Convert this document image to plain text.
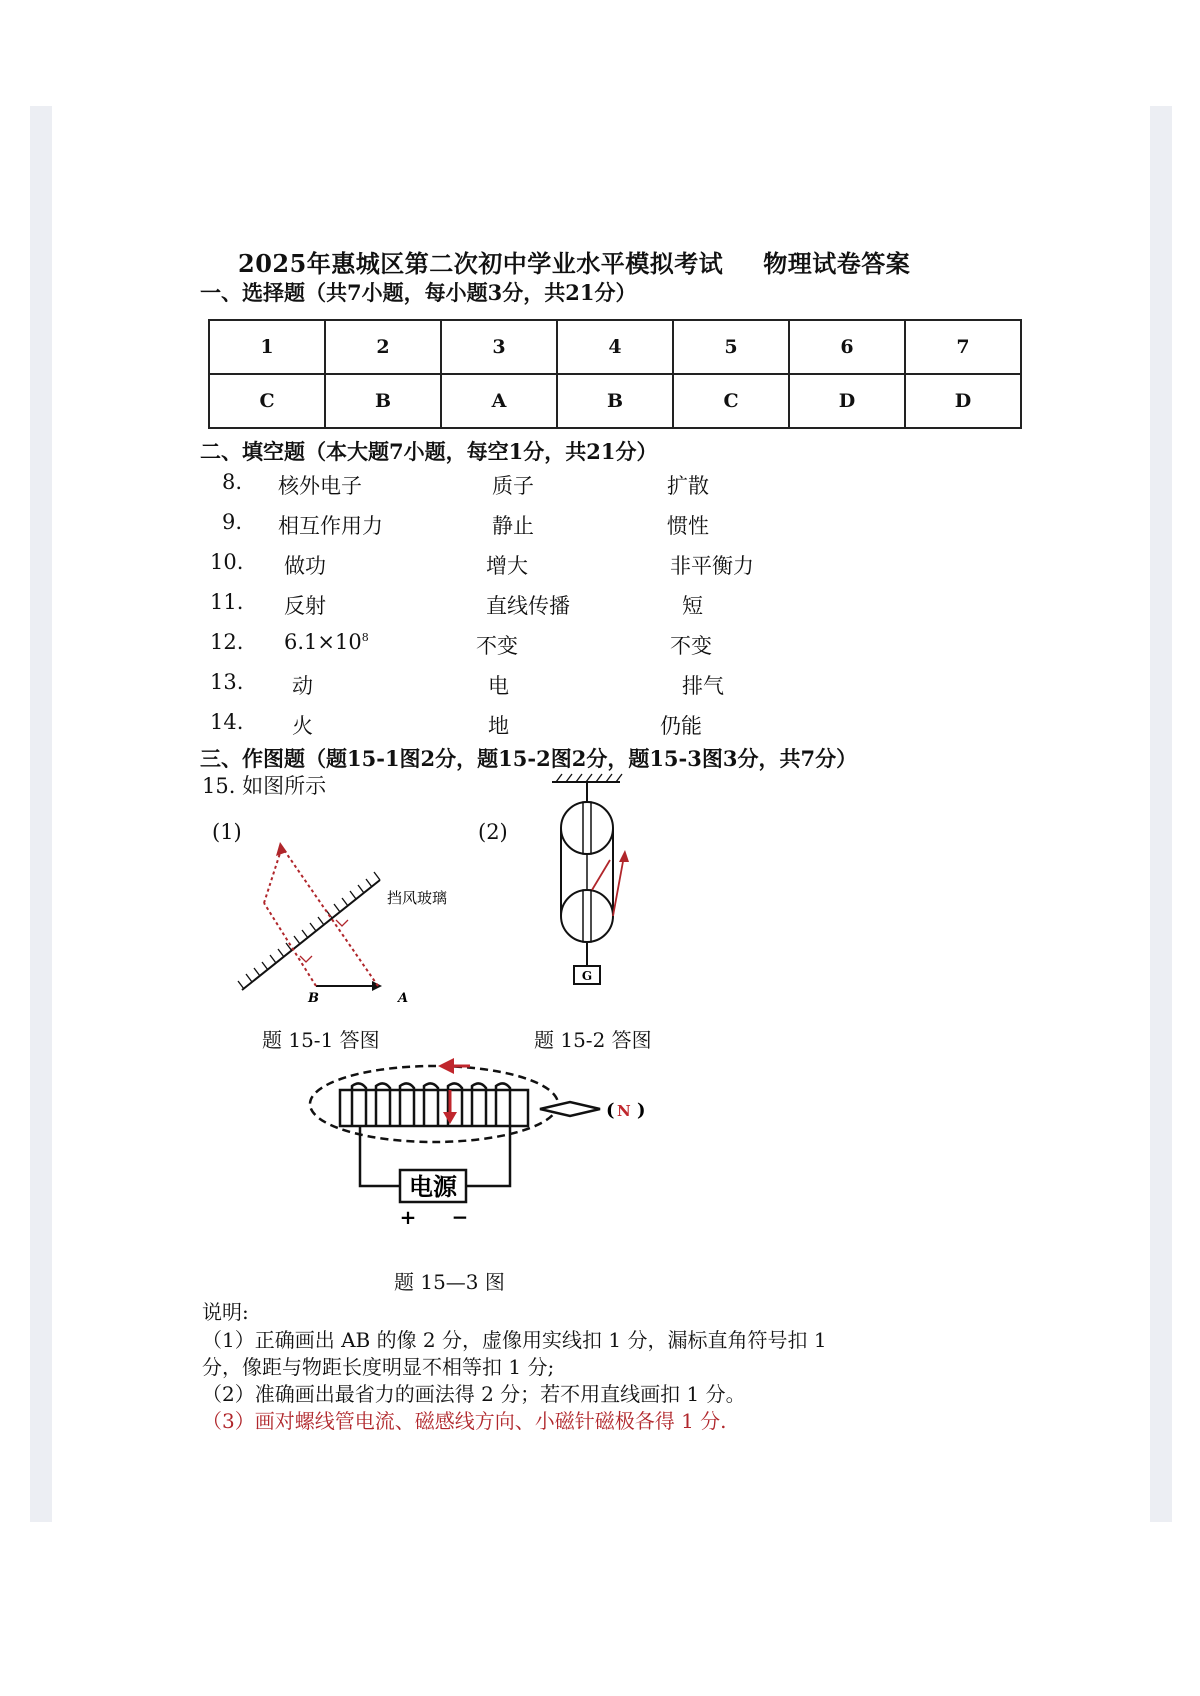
2025年惠城区第二次初中学业水平模拟考试 物理试卷答案
一、选择题（共7小题，每小题3分，共21分）
1	2	3	4	5	6	7
C	B	A	B	C	D	D
二、填空题（本大题7小题，每空1分，共21分）
8. 核外电子	质子	扩散
9. 相互作用力	静止	惯性
10. 做功	增大	非平衡力
11. 反射	直线传播	短
12. $6.1\times 10^8$	不变	不变
13. 动	电	排气
14. 火	地	仍能
三、作图题（题15-1图2分，题15-2图2分，题15-3图3分，共7分）
15. 如图所示
(1)
挡风玻璃
B	A
题 15-1 答图
(2)
G
题 15-2 答图
( N )
电源
+ −
题 15—3 图
说明:
（1）正确画出 AB 的像 2 分，虚像用实线扣 1 分，漏标直角符号扣 1
分，像距与物距长度明显不相等扣 1 分;
（2）准确画出最省力的画法得 2 分；若不用直线画扣 1 分。
（3）画对螺线管电流、磁感线方向、小磁针磁极各得 1 分.
